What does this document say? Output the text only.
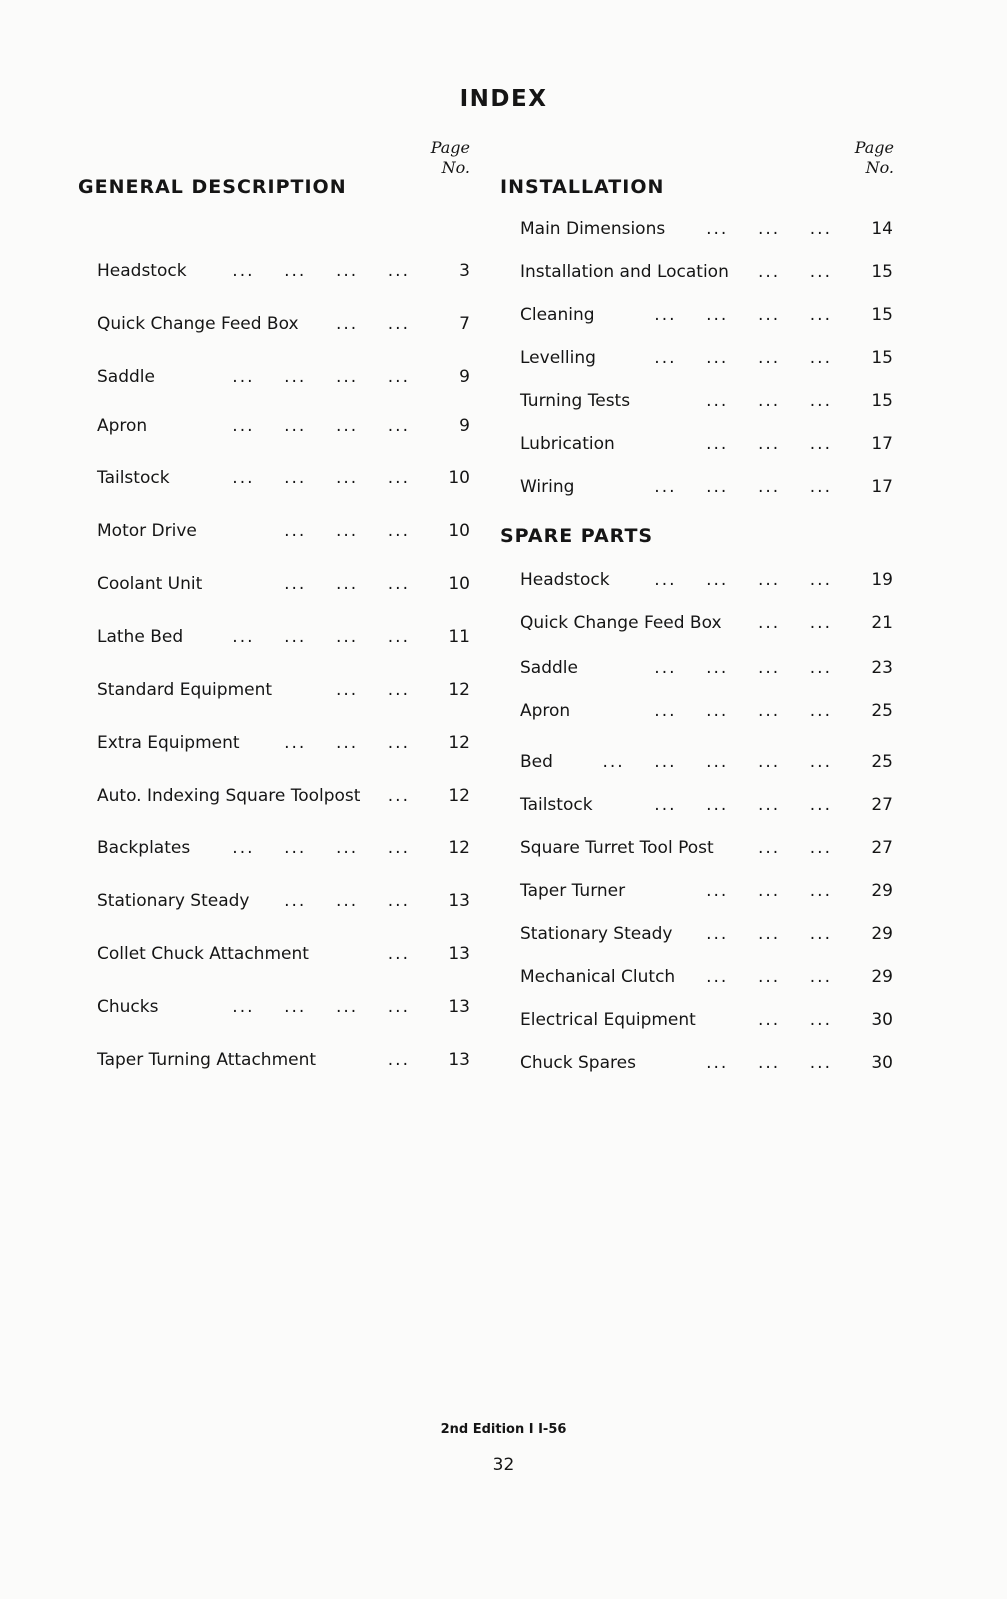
INDEX
Page
No.
Page
No.
GENERAL DESCRIPTION	INSTALLATION
SPARE PARTS
Headstock	...    ...    ...    ...	3
Quick Change Feed Box ...    ...	7
Saddle	...    ...    ...    ...	9
Apron	...    ...    ...    ...	9
Tailstock	...    ...    ...    ... 10
Motor Drive	...    ...    ... 10
Coolant Unit	...    ...    ... 10
Lathe Bed	...    ...    ...    ... 11
Standard Equipment	...    ... 12
Extra Equipment	...    ...    ... 12
Auto. Indexing Square Toolpost ... 12
Backplates ...    ...    ...    ... 12
Stationary Steady ...    ...    ... 13
Collet Chuck Attachment	... 13
Chucks	...    ...    ...    ... 13
Taper Turning Attachment	... 13
Main Dimensions ...    ...    ... 14
Installation and Location ...    ... 15
Cleaning	...    ...    ...    ... 15
Levelling	...    ...    ...    ... 15
Turning Tests	...    ...    ... 15
Lubrication	...    ...    ... 17
Wiring	...    ...    ...    ... 17
Headstock	...    ...    ...    ... 19
Quick Change Feed Box ...    ... 21
Saddle	...    ...    ...    ... 23
Apron	...    ...    ...    ... 25
Bed	...    ...    ...    ...    ... 25
Tailstock	...    ...    ...    ... 27
Square Turret Tool Post	...    ... 27
Taper Turner	...    ...    ... 29
Stationary Steady ...    ...    ... 29
Mechanical Clutch ...    ...    ... 29
Electrical Equipment	...    ... 30
Chuck Spares	...    ...    ... 30
2nd Edition I I-56
32
